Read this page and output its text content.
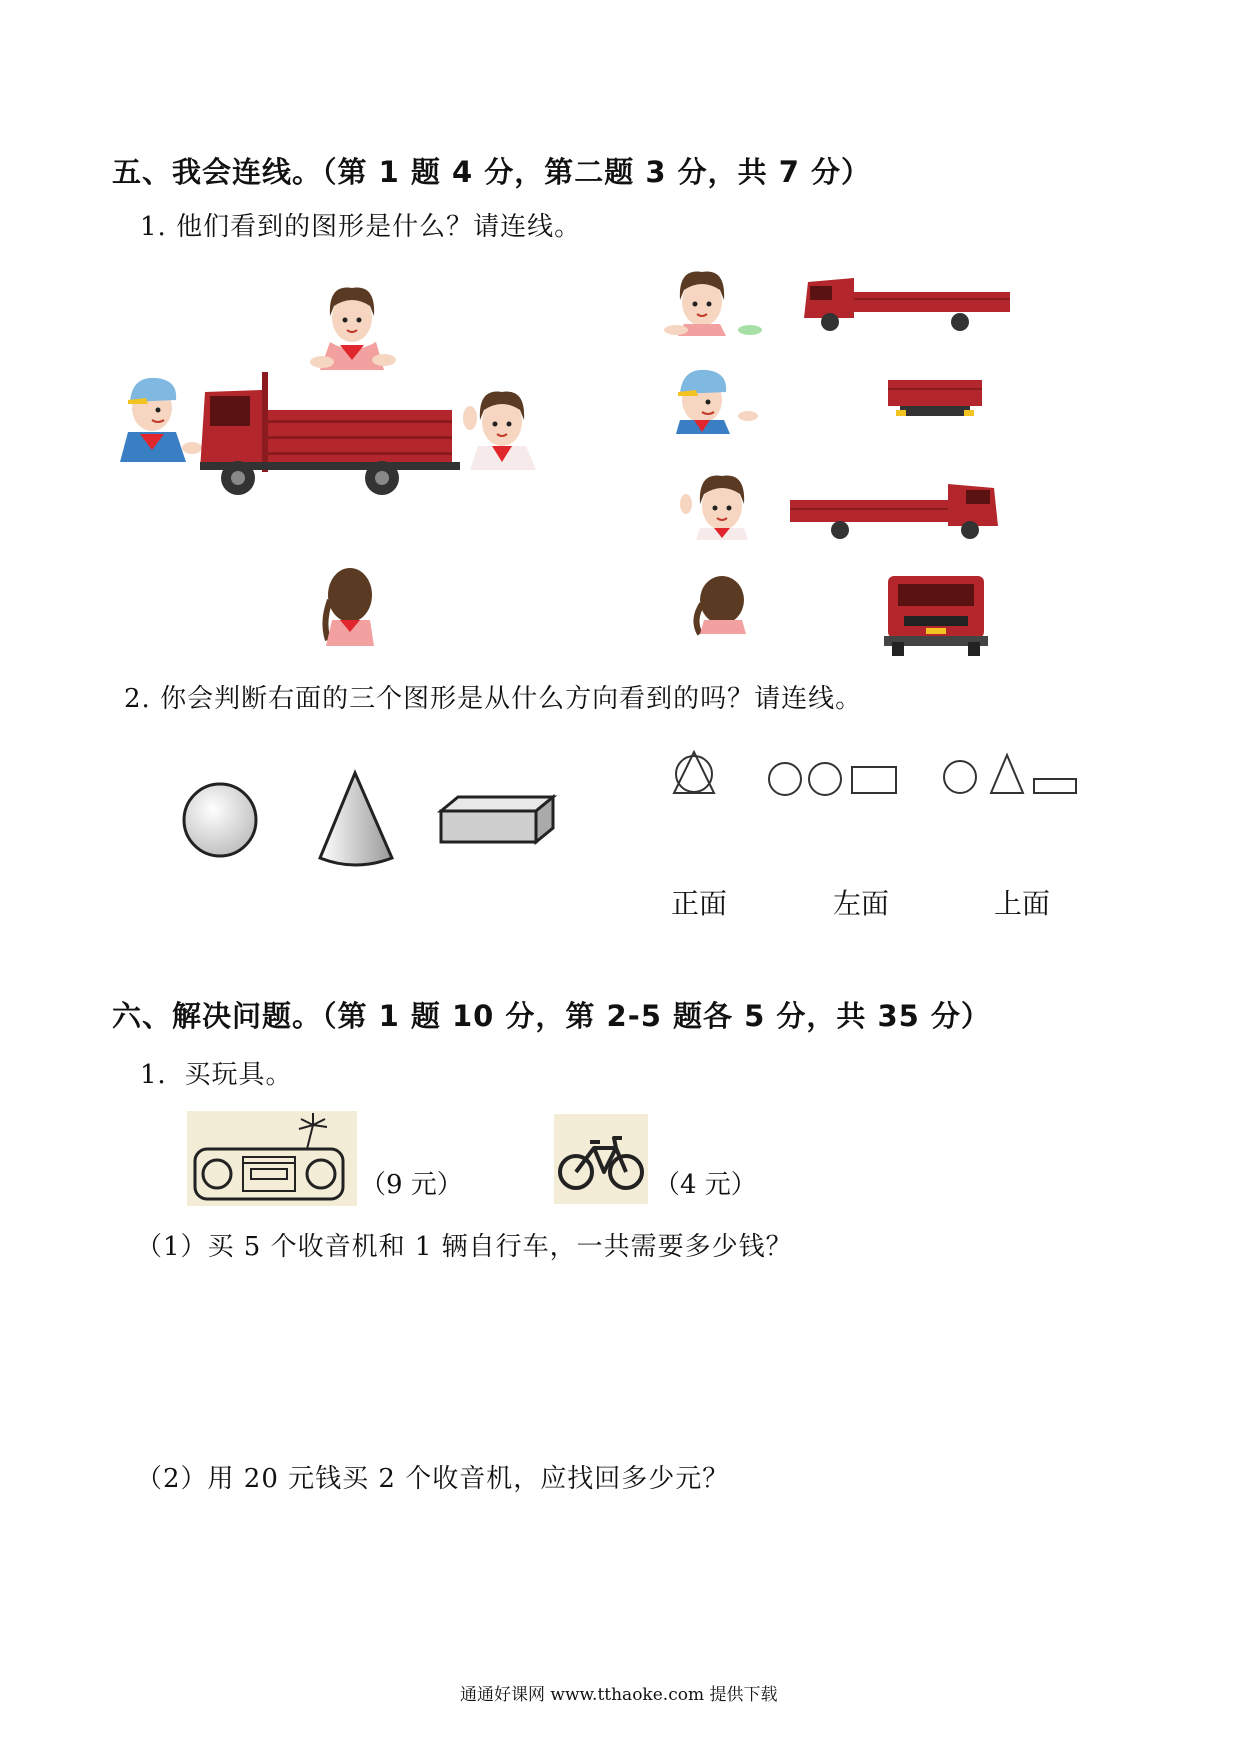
五、我会连线。（第 1 题 4 分，第二题 3 分，共 7 分）
1. 他们看到的图形是什么？请连线。
2. 你会判断右面的三个图形是从什么方向看到的吗？请连线。
正面	左面	上面
六、解决问题。（第 1 题 10 分，第 2-5 题各 5 分，共 35 分）
1．买玩具。
（9 元）	（4 元）
（1）买 5 个收音机和 1 辆自行车，一共需要多少钱？
（2）用 20 元钱买 2 个收音机，应找回多少元？
通通好课网 www.tthaoke.com 提供下载
